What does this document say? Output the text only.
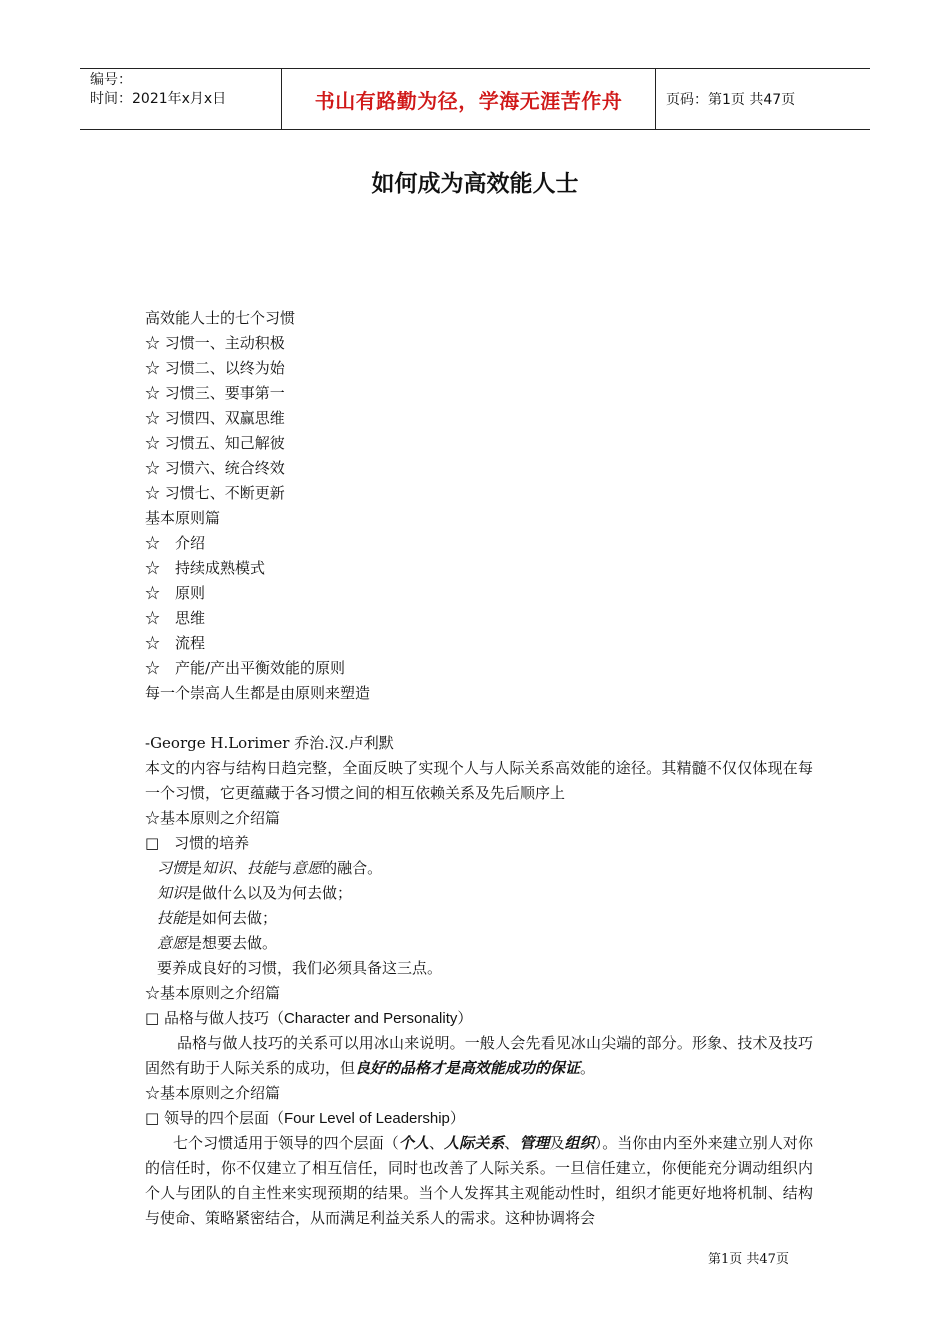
编号：
时间：2021年x月x日	书山有路勤为径，学海无涯苦作舟	页码：第1页 共47页
如何成为高效能人士
高效能人士的七个习惯
☆ 习惯一、主动积极
☆ 习惯二、以终为始
☆ 习惯三、要事第一
☆ 习惯四、双赢思维
☆ 习惯五、知己解彼
☆ 习惯六、统合终效
☆ 习惯七、不断更新
基本原则篇
☆　介绍
☆　持续成熟模式
☆　原则
☆　思维
☆　流程
☆　产能/产出平衡效能的原则
每一个崇高人生都是由原则来塑造
-George H.Lorimer 乔治.汉.卢利默
本文的内容与结构日趋完整，全面反映了实现个人与人际关系高效能的途径。其精髓不仅仅体现在每一个习惯，它更蕴藏于各习惯之间的相互依赖关系及先后顺序上
☆基本原则之介绍篇
□　习惯的培养
习惯是知识、技能与意愿的融合。
知识是做什么以及为何去做；
技能是如何去做；
意愿是想要去做。
要养成良好的习惯，我们必须具备这三点。
☆基本原则之介绍篇
□ 品格与做人技巧（Character and Personality）
品格与做人技巧的关系可以用冰山来说明。一般人会先看见冰山尖端的部分。形象、技术及技巧固然有助于人际关系的成功，但良好的品格才是高效能成功的保证。
☆基本原则之介绍篇
□ 领导的四个层面（Four Level of Leadership）
七个习惯适用于领导的四个层面（个人、人际关系、管理及组织）。当你由内至外来建立别人对你的信任时，你不仅建立了相互信任，同时也改善了人际关系。一旦信任建立，你便能充分调动组织内个人与团队的自主性来实现预期的结果。当个人发挥其主观能动性时，组织才能更好地将机制、结构与使命、策略紧密结合，从而满足利益关系人的需求。这种协调将会
第1页 共47页
